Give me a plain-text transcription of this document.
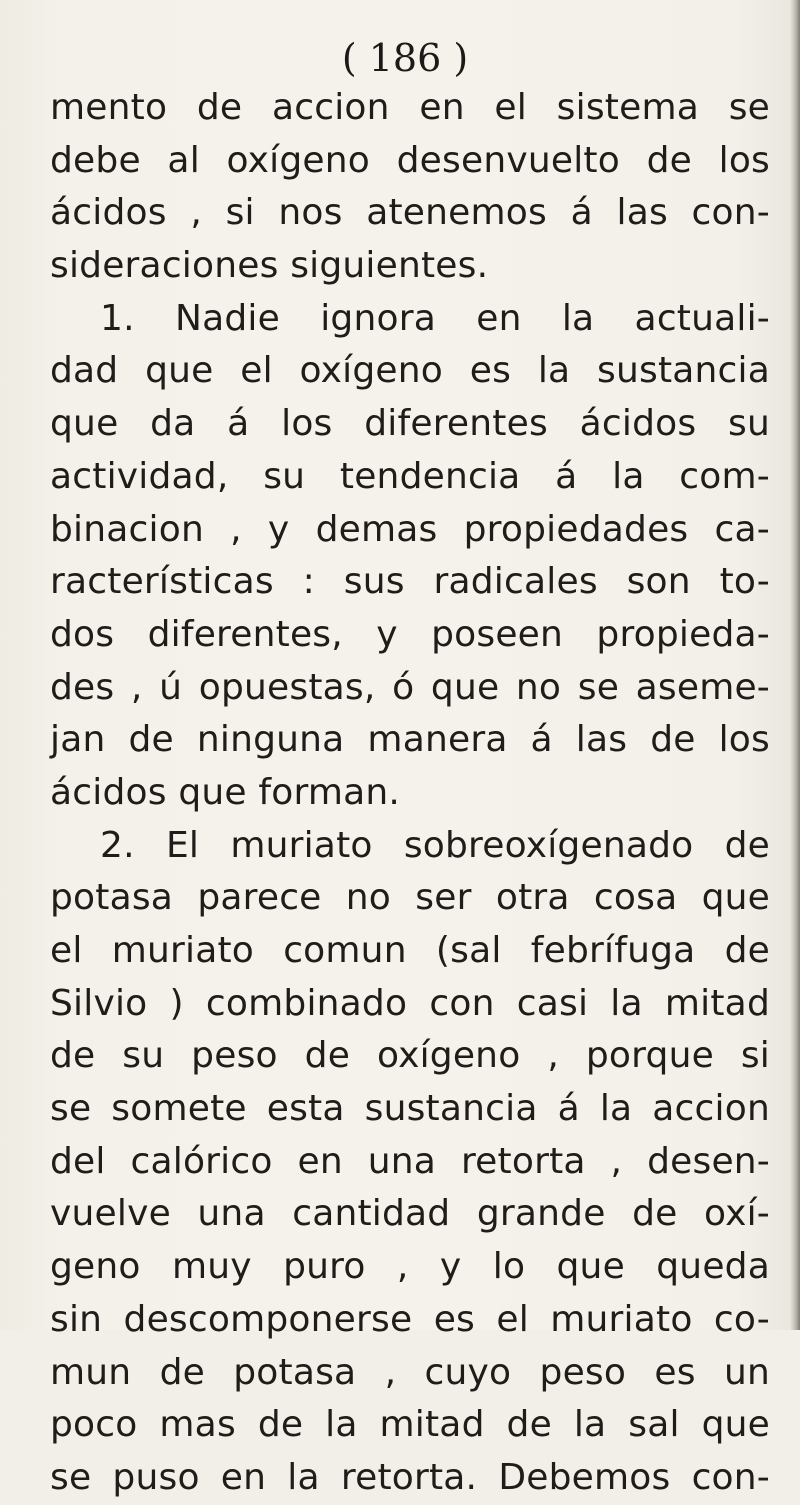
( 186 )
mento de accion en el sistema se
debe al oxígeno desenvuelto de los
ácidos , si nos atenemos á las con-
sideraciones siguientes.
1. Nadie ignora en la actuali-
dad que el oxígeno es la sustancia
que da á los diferentes ácidos su
actividad, su tendencia á la com-
binacion , y demas propiedades ca-
racterísticas : sus radicales son to-
dos diferentes, y poseen propieda-
des , ú opuestas, ó que no se aseme-
jan de ninguna manera á las de los
ácidos que forman.
2. El muriato sobreoxígenado de
potasa parece no ser otra cosa que
el muriato comun (sal febrífuga de
Silvio ) combinado con casi la mitad
de su peso de oxígeno , porque si
se somete esta sustancia á la accion
del calórico en una retorta , desen-
vuelve una cantidad grande de oxí-
geno muy puro , y lo que queda
sin descomponerse es el muriato co-
mun de potasa , cuyo peso es un
poco mas de la mitad de la sal que
se puso en la retorta. Debemos con-
